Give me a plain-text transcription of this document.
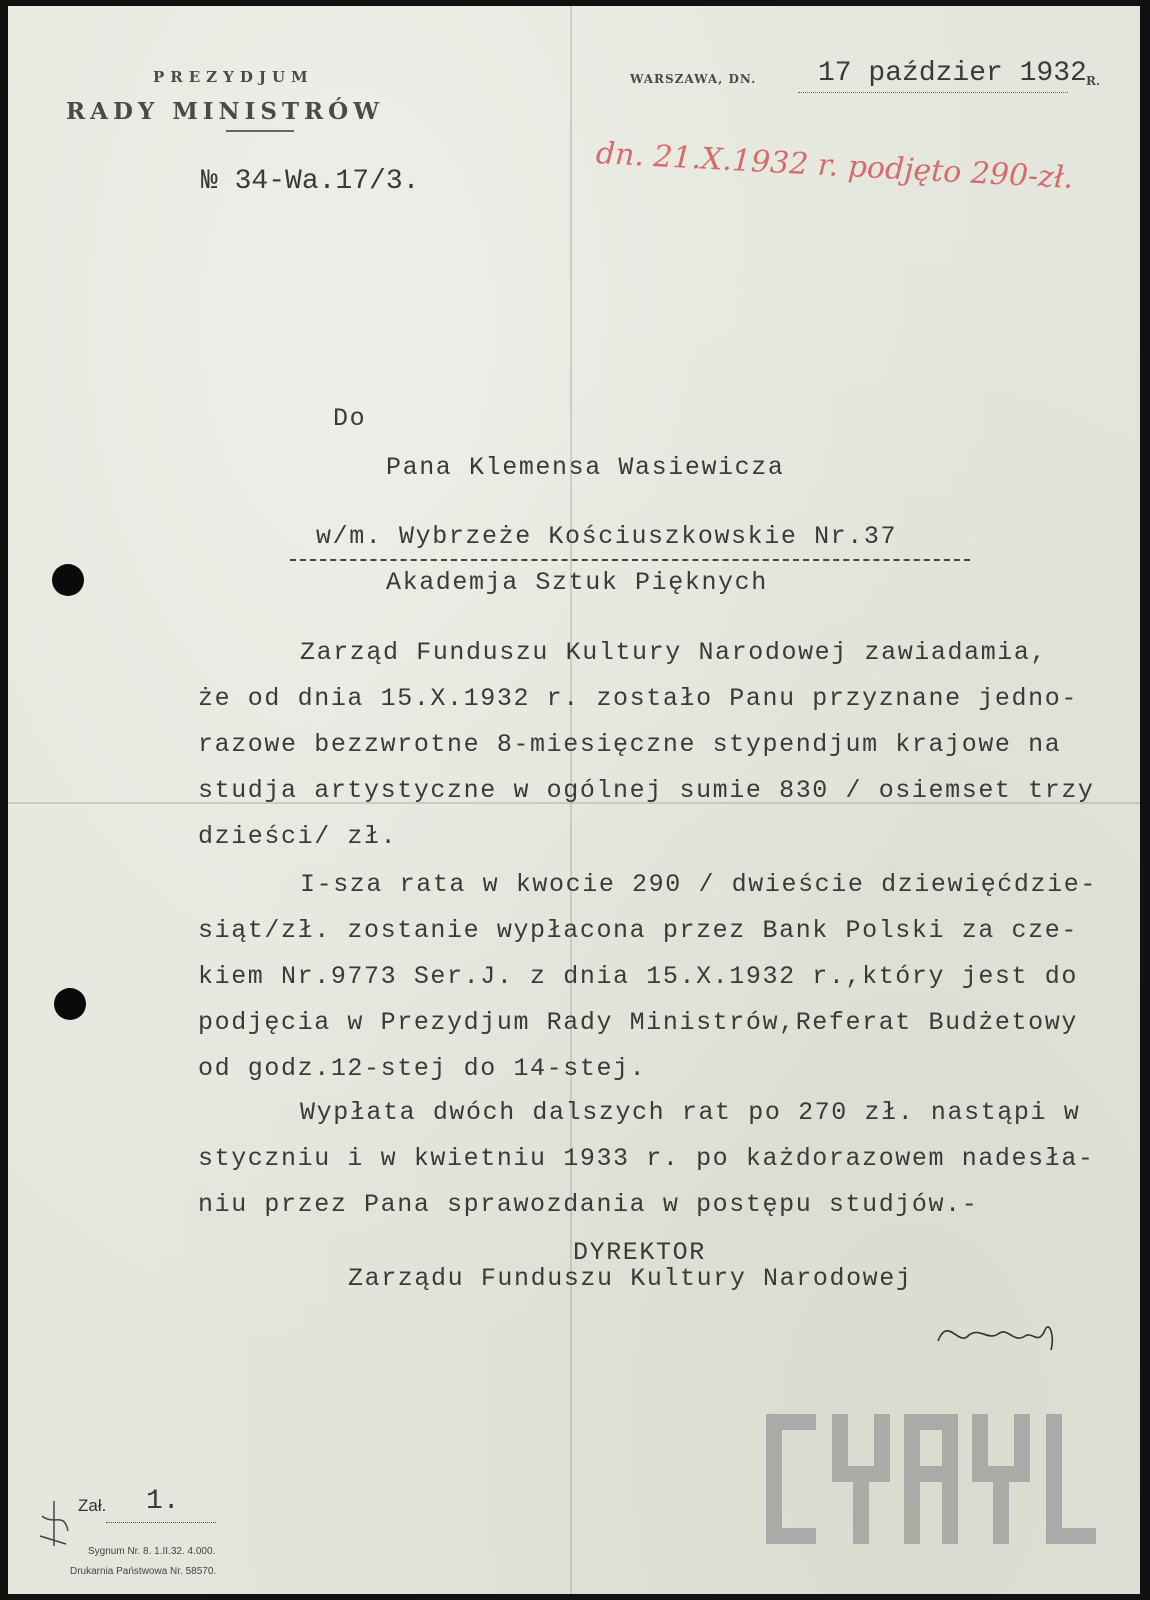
PREZYDJUM
RADY MINISTRÓW
№ 34-Wa.17/3.
WARSZAWA, DN. 17 paździer 1932 R.
dn. 21.X.1932 r. podjęto 290-zł.
Do
Pana Klemensa Wasiewicza
w/m. Wybrzeże Kościuszkowskie Nr.37
Akademja Sztuk Pięknych
Zarząd Funduszu Kultury Narodowej zawiadamia,
że od dnia 15.X.1932 r. zostało Panu przyznane jedno-
razowe bezzwrotne 8-miesięczne stypendjum krajowe na
studja artystyczne w ogólnej sumie 830 / osiemset trzy
dzieści/ zł.
I-sza rata w kwocie 290 / dwieście dziewięćdzie-
siąt/zł. zostanie wypłacona przez Bank Polski za cze-
kiem Nr.9773 Ser.J. z dnia 15.X.1932 r.,który jest do
podjęcia w Prezydjum Rady Ministrów,Referat Budżetowy
od godz.12-stej do 14-stej.
Wypłata dwóch dalszych rat po 270 zł. nastąpi w
styczniu i w kwietniu 1933 r. po każdorazowem nadesła-
niu przez Pana sprawozdania w postępu studjów.-
DYREKTOR
Zarządu Funduszu Kultury Narodowej
Zał. 1.
Sygnum Nr. 8. 1.II.32. 4.000.
Drukarnia Państwowa Nr. 58570.
